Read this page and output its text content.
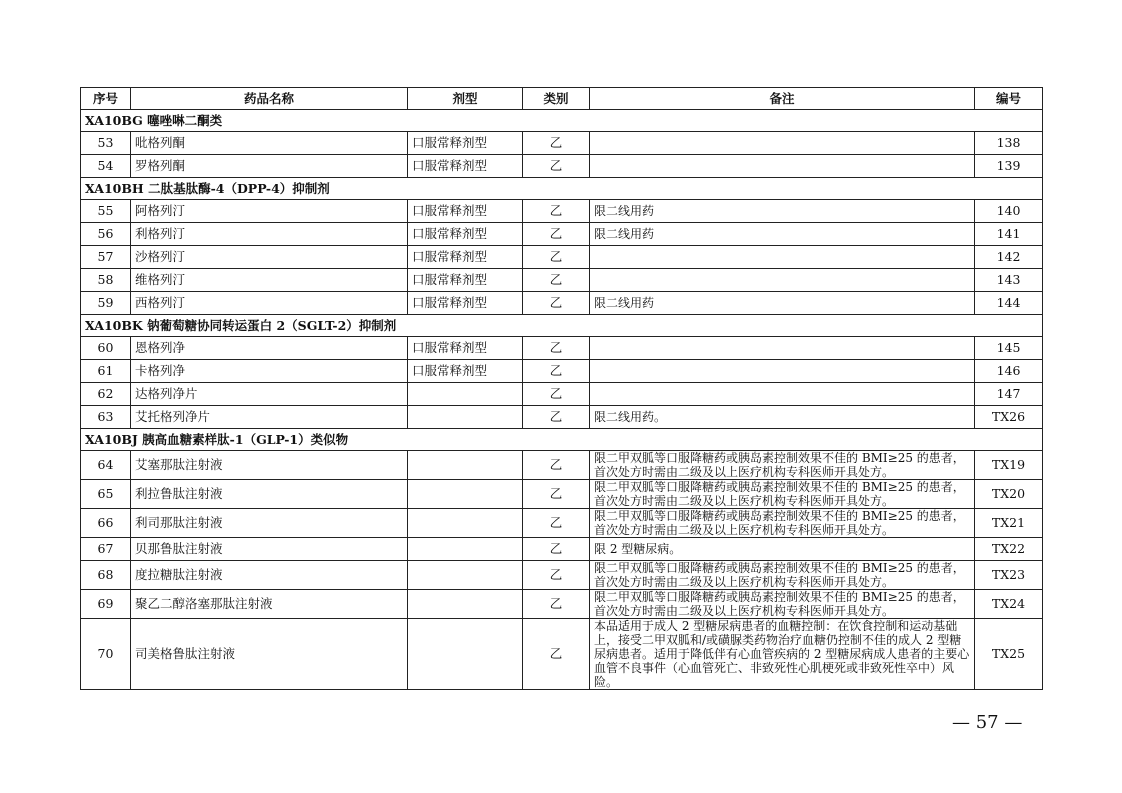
序号	药品名称	剂型	类别	备注	编号
XA10BG 噻唑啉二酮类					
53	吡格列酮	口服常释剂型	乙		138
54	罗格列酮	口服常释剂型	乙		139
XA10BH 二肽基肽酶-4（DPP-4）抑制剂					
55	阿格列汀	口服常释剂型	乙	限二线用药	140
56	利格列汀	口服常释剂型	乙	限二线用药	141
57	沙格列汀	口服常释剂型	乙		142
58	维格列汀	口服常释剂型	乙		143
59	西格列汀	口服常释剂型	乙	限二线用药	144
XA10BK 钠葡萄糖协同转运蛋白 2（SGLT-2）抑制剂					
60	恩格列净	口服常释剂型	乙		145
61	卡格列净	口服常释剂型	乙		146
62	达格列净片		乙		147
63	艾托格列净片		乙	限二线用药。	TX26
XA10BJ 胰高血糖素样肽-1（GLP-1）类似物					
64	艾塞那肽注射液		乙	限二甲双胍等口服降糖药或胰岛素控制效果不佳的 BMI≥25 的患者，首次处方时需由二级及以上医疗机构专科医师开具处方。	TX19
65	利拉鲁肽注射液		乙	限二甲双胍等口服降糖药或胰岛素控制效果不佳的 BMI≥25 的患者，首次处方时需由二级及以上医疗机构专科医师开具处方。	TX20
66	利司那肽注射液		乙	限二甲双胍等口服降糖药或胰岛素控制效果不佳的 BMI≥25 的患者，首次处方时需由二级及以上医疗机构专科医师开具处方。	TX21
67	贝那鲁肽注射液		乙	限 2 型糖尿病。	TX22
68	度拉糖肽注射液		乙	限二甲双胍等口服降糖药或胰岛素控制效果不佳的 BMI≥25 的患者，首次处方时需由二级及以上医疗机构专科医师开具处方。	TX23
69	聚乙二醇洛塞那肽注射液		乙	限二甲双胍等口服降糖药或胰岛素控制效果不佳的 BMI≥25 的患者，首次处方时需由二级及以上医疗机构专科医师开具处方。	TX24
70	司美格鲁肽注射液		乙	本品适用于成人 2 型糖尿病患者的血糖控制：在饮食控制和运动基础上，接受二甲双胍和/或磺脲类药物治疗血糖仍控制不佳的成人 2 型糖尿病患者。适用于降低伴有心血管疾病的 2 型糖尿病成人患者的主要心血管不良事件（心血管死亡、非致死性心肌梗死或非致死性卒中）风险。	TX25
— 57 —
